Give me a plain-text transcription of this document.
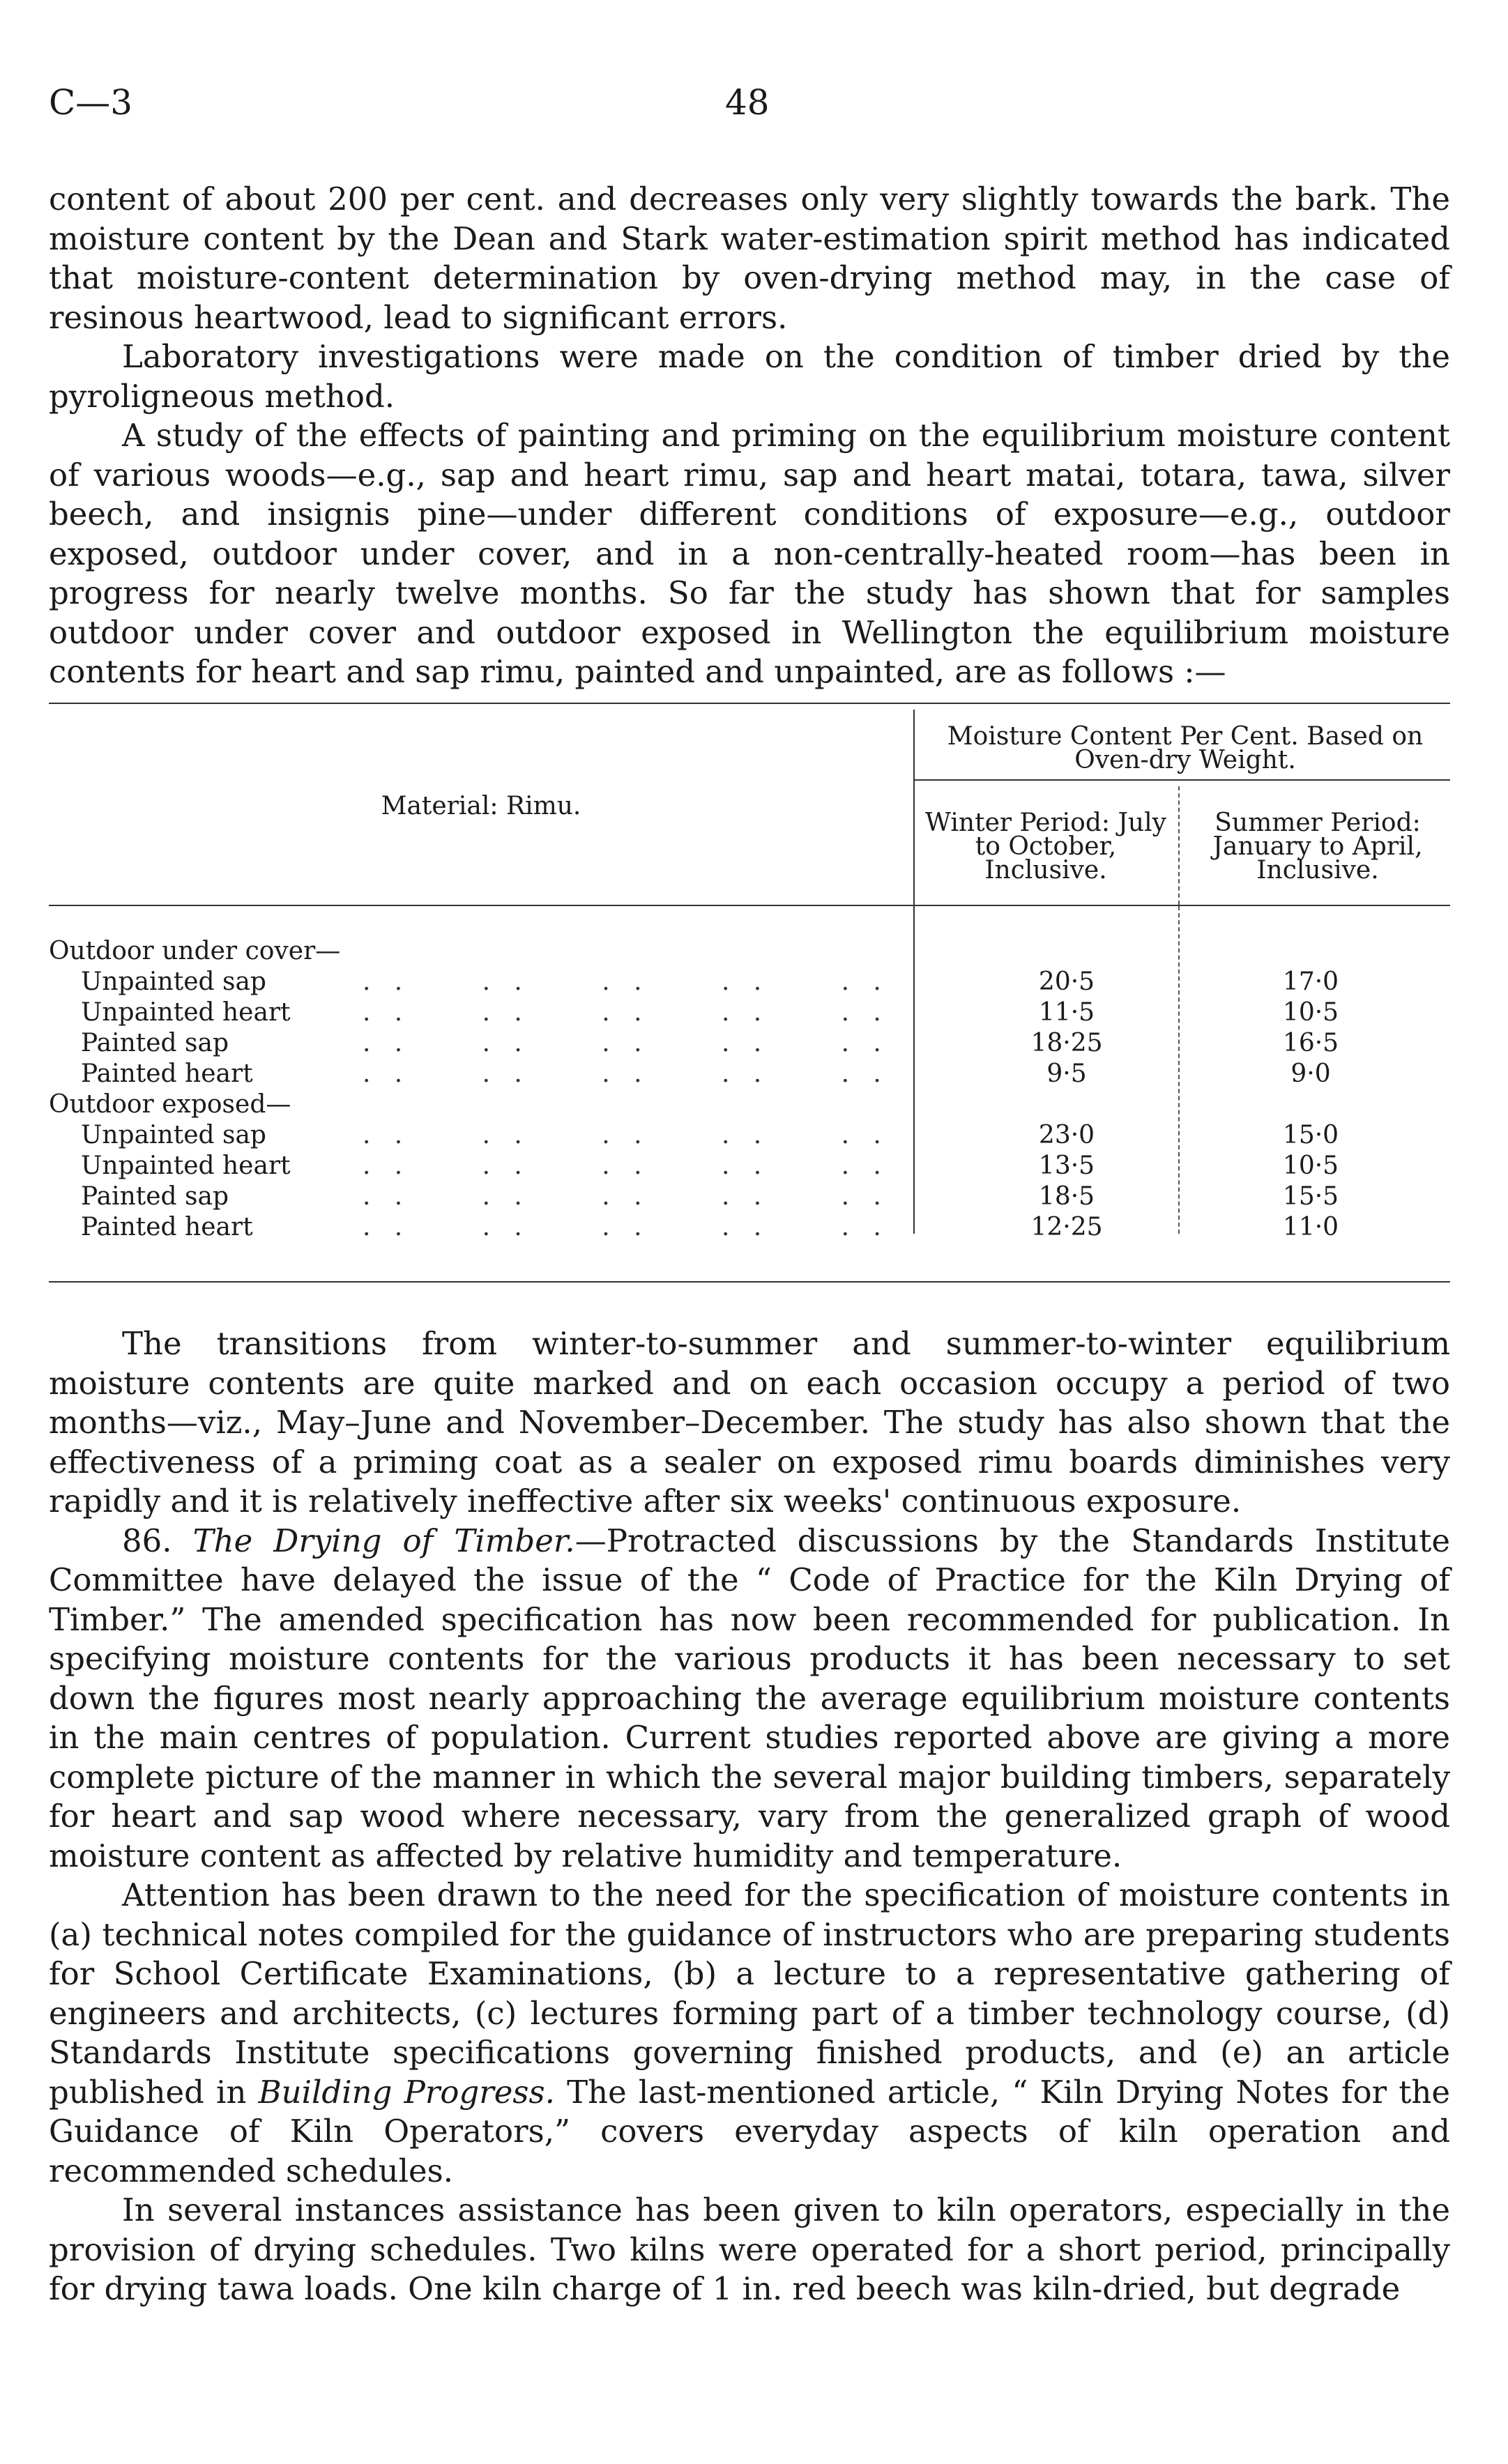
C—3	48

content of about 200 per cent. and decreases only very slightly towards the bark. The moisture content by the Dean and Stark water-estimation spirit method has indicated that moisture-content determination by oven-drying method may, in the case of resinous heartwood, lead to significant errors.

Laboratory investigations were made on the condition of timber dried by the pyroligneous method.

A study of the effects of painting and priming on the equilibrium moisture content of various woods—e.g., sap and heart rimu, sap and heart matai, totara, tawa, silver beech, and insignis pine—under different conditions of exposure—e.g., outdoor exposed, outdoor under cover, and in a non-centrally-heated room—has been in progress for nearly twelve months. So far the study has shown that for samples outdoor under cover and outdoor exposed in Wellington the equilibrium moisture contents for heart and sap rimu, painted and unpainted, are as follows :—

Material: Rimu.
Moisture Content Per Cent. Based on Oven-dry Weight.
Winter Period: July to October, Inclusive.
Summer Period: January to April, Inclusive.
Outdoor under cover—
Unpainted sap	.   .          .   .          .   .          .   .          .   .	20·5	17·0
Unpainted heart	.   .          .   .          .   .          .   .          .   .	11·5	10·5
Painted sap	.   .          .   .          .   .          .   .          .   .	18·25	16·5
Painted heart	.   .          .   .          .   .          .   .          .   .	9·5	9·0
Outdoor exposed—
Unpainted sap	.   .          .   .          .   .          .   .          .   .	23·0	15·0
Unpainted heart	.   .          .   .          .   .          .   .          .   .	13·5	10·5
Painted sap	.   .          .   .          .   .          .   .          .   .	18·5	15·5
Painted heart	.   .          .   .          .   .          .   .          .   .	12·25	11·0

The transitions from winter-to-summer and summer-to-winter equilibrium moisture contents are quite marked and on each occasion occupy a period of two months—viz., May–June and November–December. The study has also shown that the effectiveness of a priming coat as a sealer on exposed rimu boards diminishes very rapidly and it is relatively ineffective after six weeks' continuous exposure.

86. The Drying of Timber.—Protracted discussions by the Standards Institute Committee have delayed the issue of the “ Code of Practice for the Kiln Drying of Timber.” The amended specification has now been recommended for publication. In specifying moisture contents for the various products it has been necessary to set down the figures most nearly approaching the average equilibrium moisture contents in the main centres of population. Current studies reported above are giving a more complete picture of the manner in which the several major building timbers, separately for heart and sap wood where necessary, vary from the generalized graph of wood moisture content as affected by relative humidity and temperature.

Attention has been drawn to the need for the specification of moisture contents in (a) technical notes compiled for the guidance of instructors who are preparing students for School Certificate Examinations, (b) a lecture to a representative gathering of engineers and architects, (c) lectures forming part of a timber technology course, (d) Standards Institute specifications governing finished products, and (e) an article published in Building Progress. The last-mentioned article, “ Kiln Drying Notes for the Guidance of Kiln Operators,” covers everyday aspects of kiln operation and recommended schedules.

In several instances assistance has been given to kiln operators, especially in the provision of drying schedules. Two kilns were operated for a short period, principally for drying tawa loads. One kiln charge of 1 in. red beech was kiln-dried, but degrade
